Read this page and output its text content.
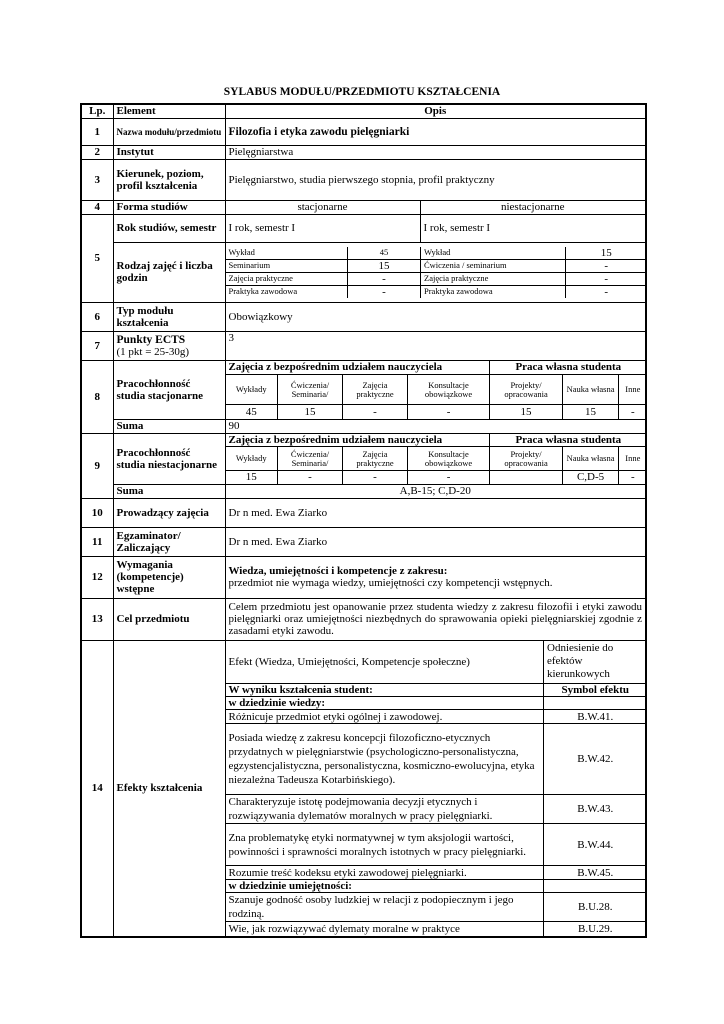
SYLABUS MODUŁU/PRZEDMIOTU KSZTAŁCENIA
Lp.	Element	Opis
1	Nazwa modułu/przedmiotu	Filozofia i etyka zawodu pielęgniarki
2	Instytut	Pielęgniarstwa
3	Kierunek, poziom, profil kształcenia	Pielęgniarstwo, studia pierwszego stopnia, profil praktyczny
4	Forma studiów	stacjonarne	niestacjonarne
5	Rok studiów, semestr	I rok, semestr I	I rok, semestr I
Rodzaj zajęć i liczba godzin	
Wykład	45	Wykład	15
Seminarium	15	Ćwiczenia / seminarium	-
Zajęcia praktyczne	-	Zajęcia praktyczne	-
Praktyka zawodowa	-	Praktyka zawodowa	-

6	Typ modułu kształcenia	Obowiązkowy
7	Punkty ECTS
(1 pkt = 25-30g)
	3
8	Pracochłonność studia stacjonarne	
Zajęcia z bezpośrednim udziałem nauczyciela	Praca własna studenta
Wykłady	Ćwiczenia/ Seminaria/	Zajęcia praktyczne	Konsultacje obowiązkowe	Projekty/ opracowania	Nauka własna	Inne
45	15	-	-	15	15	-

Suma	90
9	Pracochłonność studia niestacjonarne	
Zajęcia z bezpośrednim udziałem nauczyciela	Praca własna studenta
Wykłady	Ćwiczenia/ Seminaria/	Zajęcia praktyczne	Konsultacje obowiązkowe	Projekty/ opracowania	Nauka własna	Inne
15	-	-	-		C,D-5	-

Suma	A,B-15; C,D-20
10	Prowadzący zajęcia	Dr n med. Ewa Ziarko
11	Egzaminator/ Zaliczający	Dr n med. Ewa Ziarko
12	Wymagania (kompetencje) wstępne	
Wiedza, umiejętności i kompetencje z zakresu:
przedmiot nie wymaga wiedzy, umiejętności czy kompetencji wstępnych.

13	Cel przedmiotu	Celem przedmiotu jest opanowanie przez studenta wiedzy z zakresu filozofii i etyki zawodu pielęgniarki oraz umiejętności niezbędnych do sprawowania opieki pielęgniarskiej zgodnie z zasadami etyki zawodu.
14	Efekty kształcenia	
Efekt (Wiedza, Umiejętności, Kompetencje społeczne)	Odniesienie do efektów kierunkowych
W wyniku kształcenia student:	Symbol efektu
w dziedzinie wiedzy:	
Różnicuje przedmiot etyki ogólnej i zawodowej.	B.W.41.
Posiada wiedzę z zakresu koncepcji filozoficzno-etycznych przydatnych w pielęgniarstwie (psychologiczno-personalistyczna, egzystencjalistyczna, personalistyczna, kosmiczno-ewolucyjna, etyka niezależna Tadeusza Kotarbińskiego).	B.W.42.
Charakteryzuje istotę podejmowania decyzji etycznych i rozwiązywania dylematów moralnych w pracy pielęgniarki.	B.W.43.
Zna problematykę etyki normatywnej w tym aksjologii wartości, powinności i sprawności moralnych istotnych w pracy pielęgniarki.	B.W.44.
Rozumie treść kodeksu etyki zawodowej pielęgniarki.	B.W.45.
w dziedzinie umiejętności:	
Szanuje godność osoby ludzkiej w relacji z podopiecznym i jego rodziną.	B.U.28.
Wie, jak rozwiązywać dylematy moralne w praktyce	B.U.29.
